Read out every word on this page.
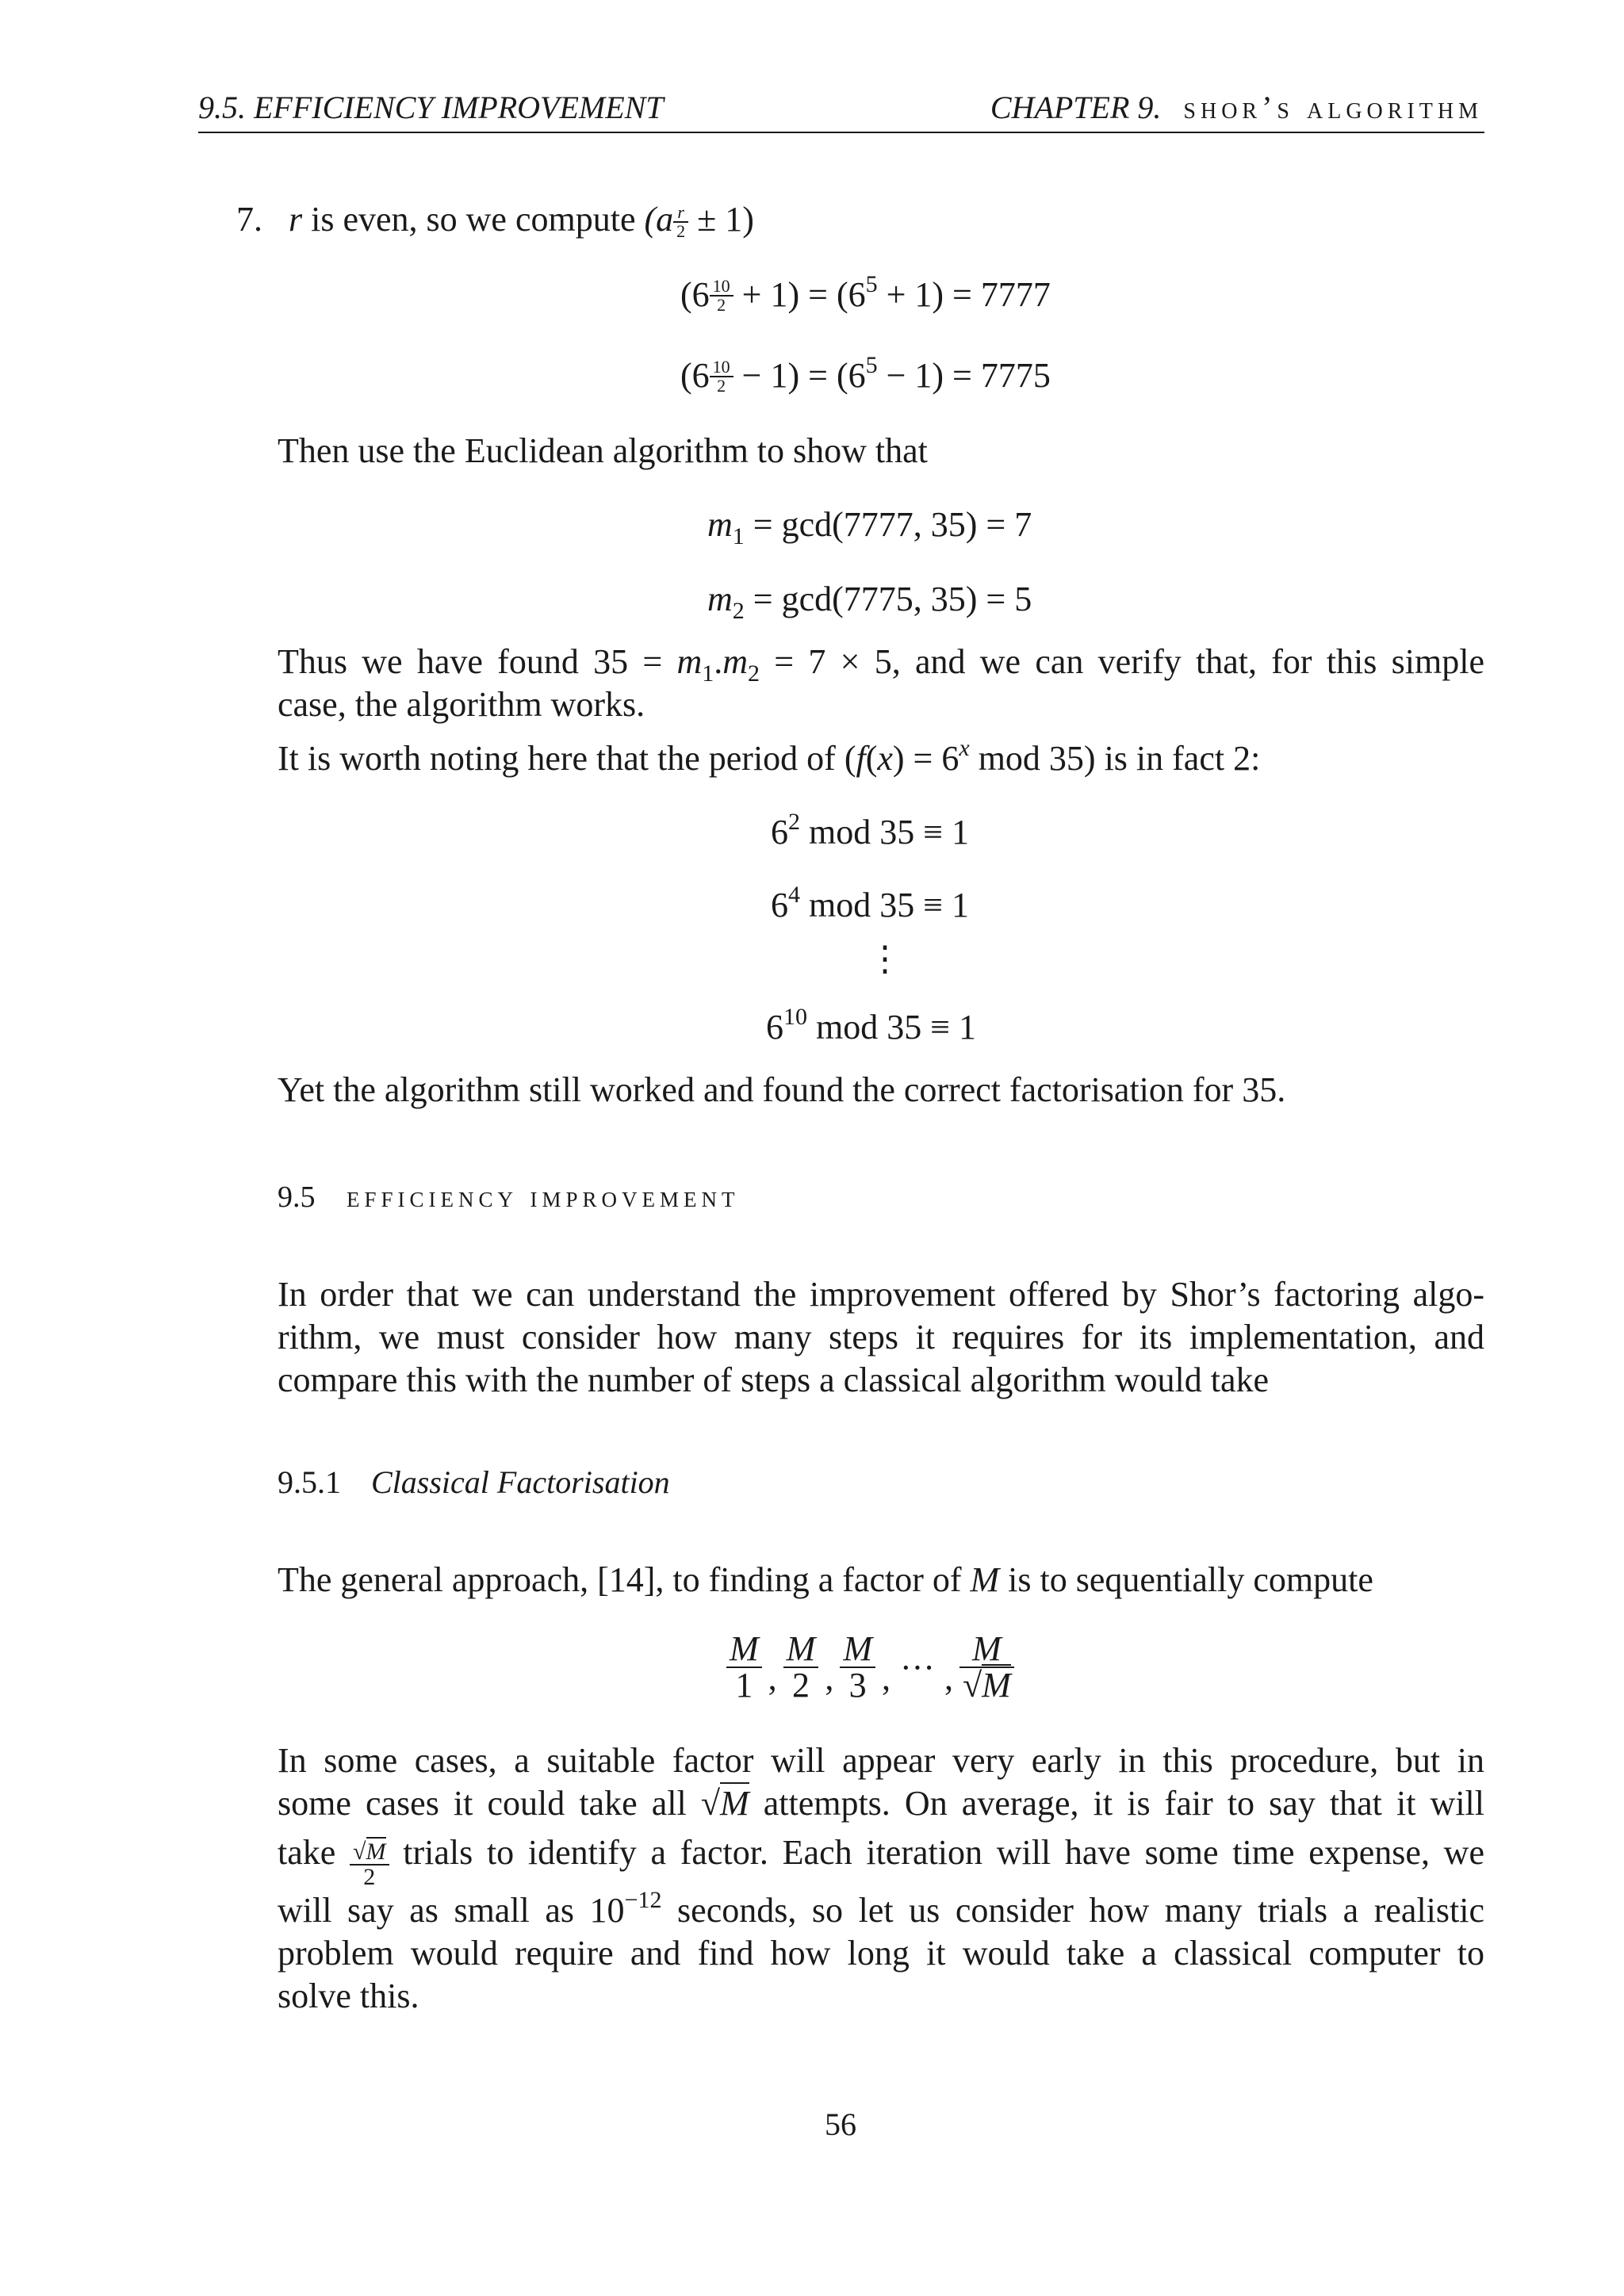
9.5. EFFICIENCY IMPROVEMENT	CHAPTER 9. shor’s algorithm
7. r is even, so we compute $(a \frac{r}{2} \pm 1)$
$(6 \frac{10}{2} + 1) = (6^5 + 1) = 7777$
$(6 \frac{10}{2} - 1) = (6^5 - 1) = 7775$
Then use the Euclidean algorithm to show that
$m_1 = \gcd(7777$, 35) = 7
$m_2 = \gcd(7775$, 35) = 5
Thus we have found $35 = m_1.m_2 = 7 \times 5$, and we can verify that, for this simple
case, the algorithm works.
It is worth noting here that the period of ($f(x) = 6^x$ mod 35) is in fact 2:
$6^2$ mod 35 ≡ 1
$6^4$ mod 35 ≡ 1
⋮
$6^{10}$ mod 35 ≡ 1
Yet the algorithm still worked and found the correct factorisation for 35.
9.5 efficiency improvement
In order that we can understand the improvement offered by Shor’s factoring algo-
rithm, we must consider how many steps it requires for its implementation, and
compare this with the number of steps a classical algorithm would take
9.5.1 Classical Factorisation
The general approach, [14], to finding a factor of M is to sequentially compute
$\frac{M}{1}$ , $\frac{M}{2}$ , $\frac{M}{3}$ , ··· , $\frac{M}{√M}$
In some cases, a suitable factor will appear very early in this procedure, but in
some cases it could take all √M attempts. On average, it is fair to say that it will
take $\frac{√M}{2}$ trials to identify a factor. Each iteration will have some time expense, we
will say as small as $10^{-12}$ seconds, so let us consider how many trials a realistic
problem would require and find how long it would take a classical computer to
solve this.
56
